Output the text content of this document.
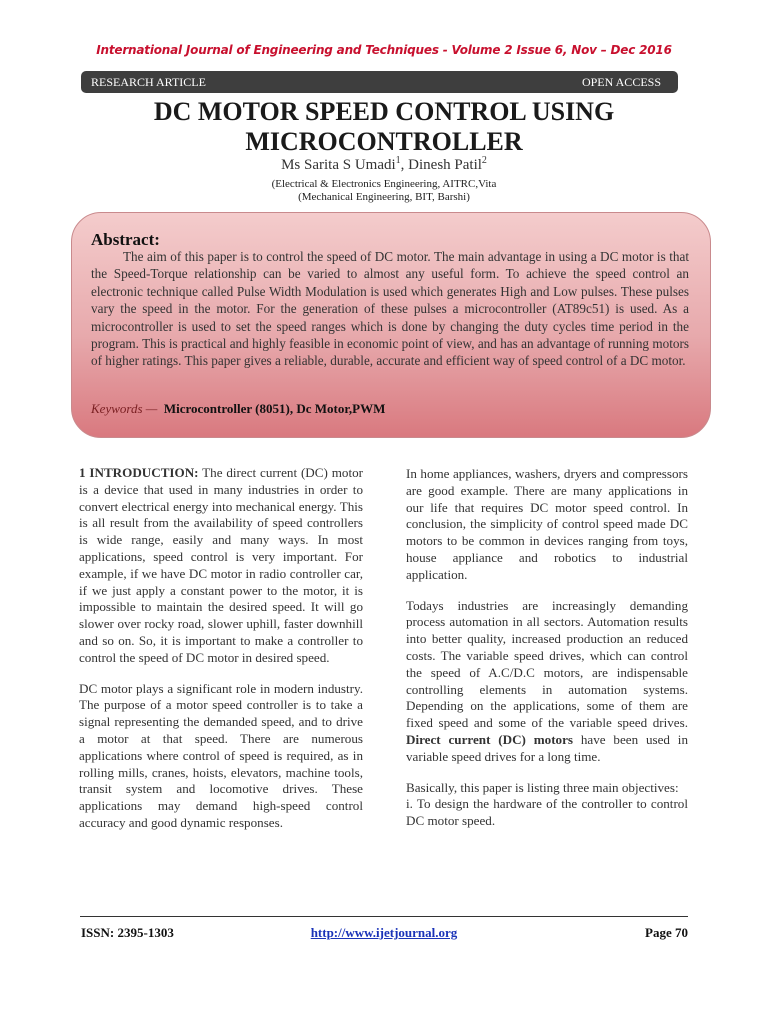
International Journal of Engineering and Techniques - Volume 2 Issue 6, Nov – Dec 2016
RESEARCH ARTICLE	OPEN ACCESS
DC MOTOR SPEED CONTROL USING
MICROCONTROLLER
Ms Sarita S Umadi$^1$, Dinesh Patil$^2$
(Electrical & Electronics Engineering, AITRC,Vita
(Mechanical Engineering, BIT, Barshi)
Abstract:

The aim of this paper is to control the speed of DC motor. The main advantage in using a DC motor is that the Speed-Torque relationship can be varied to almost any useful form. To achieve the speed control an electronic technique called Pulse Width Modulation is used which generates High and Low pulses. These pulses vary the speed in the motor. For the generation of these pulses a microcontroller (AT89c51) is used. As a microcontroller is used to set the speed ranges which is done by changing the duty cycles time period in the program. This is practical and highly feasible in economic point of view, and has an advantage of running motors of higher ratings. This paper gives a reliable, durable, accurate and efficient way of speed control of a DC motor.

Keywords — Microcontroller (8051), Dc Motor,PWM

1 INTRODUCTION: The direct current (DC) motor is a device that used in many industries in order to convert electrical energy into mechanical energy. This is all result from the availability of speed controllers is wide range, easily and many ways. In most applications, speed control is very important. For example, if we have DC motor in radio controller car, if we just apply a constant power to the motor, it is impossible to maintain the desired speed. It will go slower over rocky road, slower uphill, faster downhill and so on. So, it is important to make a controller to control the speed of DC motor in desired speed.

DC motor plays a significant role in modern industry. The purpose of a motor speed controller is to take a signal representing the demanded speed, and to drive a motor at that speed. There are numerous applications where control of speed is required, as in rolling mills, cranes, hoists, elevators, machine tools, transit system and locomotive drives. These applications may demand high-speed control accuracy and good dynamic responses.

In home appliances, washers, dryers and compressors are good example. There are many applications in our life that requires DC motor speed control. In conclusion, the simplicity of control speed made DC motors to be common in devices ranging from toys, house appliance and robotics to industrial application.

Todays industries are increasingly demanding process automation in all sectors. Automation results into better quality, increased production an reduced costs. The variable speed drives, which can control the speed of A.C/D.C motors, are indispensable controlling elements in automation systems. Depending on the applications, some of them are fixed speed and some of the variable speed drives. Direct current (DC) motors have been used in variable speed drives for a long time.

Basically, this paper is listing three main objectives:
i. To design the hardware of the controller to control DC motor speed.

ISSN: 2395-1303	http://www.ijetjournal.org	Page 70
